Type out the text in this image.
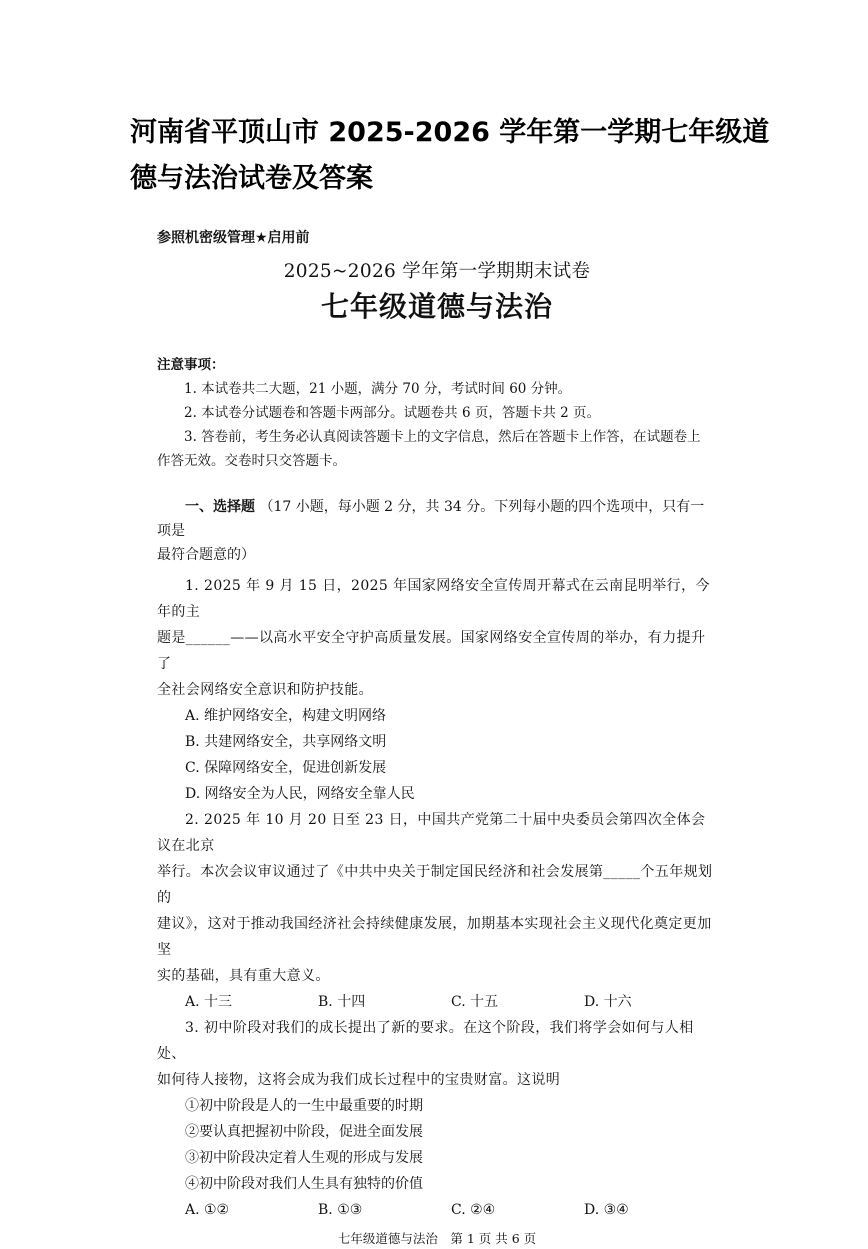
河南省平顶山市 2025-2026 学年第一学期七年级道德与法治试卷及答案
参照机密级管理★启用前
2025~2026 学年第一学期期末试卷
七年级道德与法治
注意事项：
1. 本试卷共二大题，21 小题，满分 70 分，考试时间 60 分钟。
2. 本试卷分试题卷和答题卡两部分。试题卷共 6 页，答题卡共 2 页。
3. 答卷前，考生务必认真阅读答题卡上的文字信息，然后在答题卡上作答，在试题卷上
作答无效。交卷时只交答题卡。
一、选择题 （17 小题，每小题 2 分，共 34 分。下列每小题的四个选项中，只有一项是
最符合题意的）
1. 2025 年 9 月 15 日，2025 年国家网络安全宣传周开幕式在云南昆明举行，今年的主
题是______——以高水平安全守护高质量发展。国家网络安全宣传周的举办，有力提升了
全社会网络安全意识和防护技能。
A. 维护网络安全，构建文明网络
B. 共建网络安全，共享网络文明
C. 保障网络安全，促进创新发展
D. 网络安全为人民，网络安全靠人民
2. 2025 年 10 月 20 日至 23 日，中国共产党第二十届中央委员会第四次全体会议在北京
举行。本次会议审议通过了《中共中央关于制定国民经济和社会发展第_____个五年规划的
建议》，这对于推动我国经济社会持续健康发展，加期基本实现社会主义现代化奠定更加坚
实的基础，具有重大意义。
A. 十三	B. 十四	C. 十五	D. 十六
3. 初中阶段对我们的成长提出了新的要求。在这个阶段，我们将学会如何与人相处、
如何待人接物，这将会成为我们成长过程中的宝贵财富。这说明
①初中阶段是人的一生中最重要的时期
②要认真把握初中阶段，促进全面发展
③初中阶段决定着人生观的形成与发展
④初中阶段对我们人生具有独特的价值
A. ①②	B. ①③	C. ②④	D. ③④
七年级道德与法治　第 1 页 共 6 页
